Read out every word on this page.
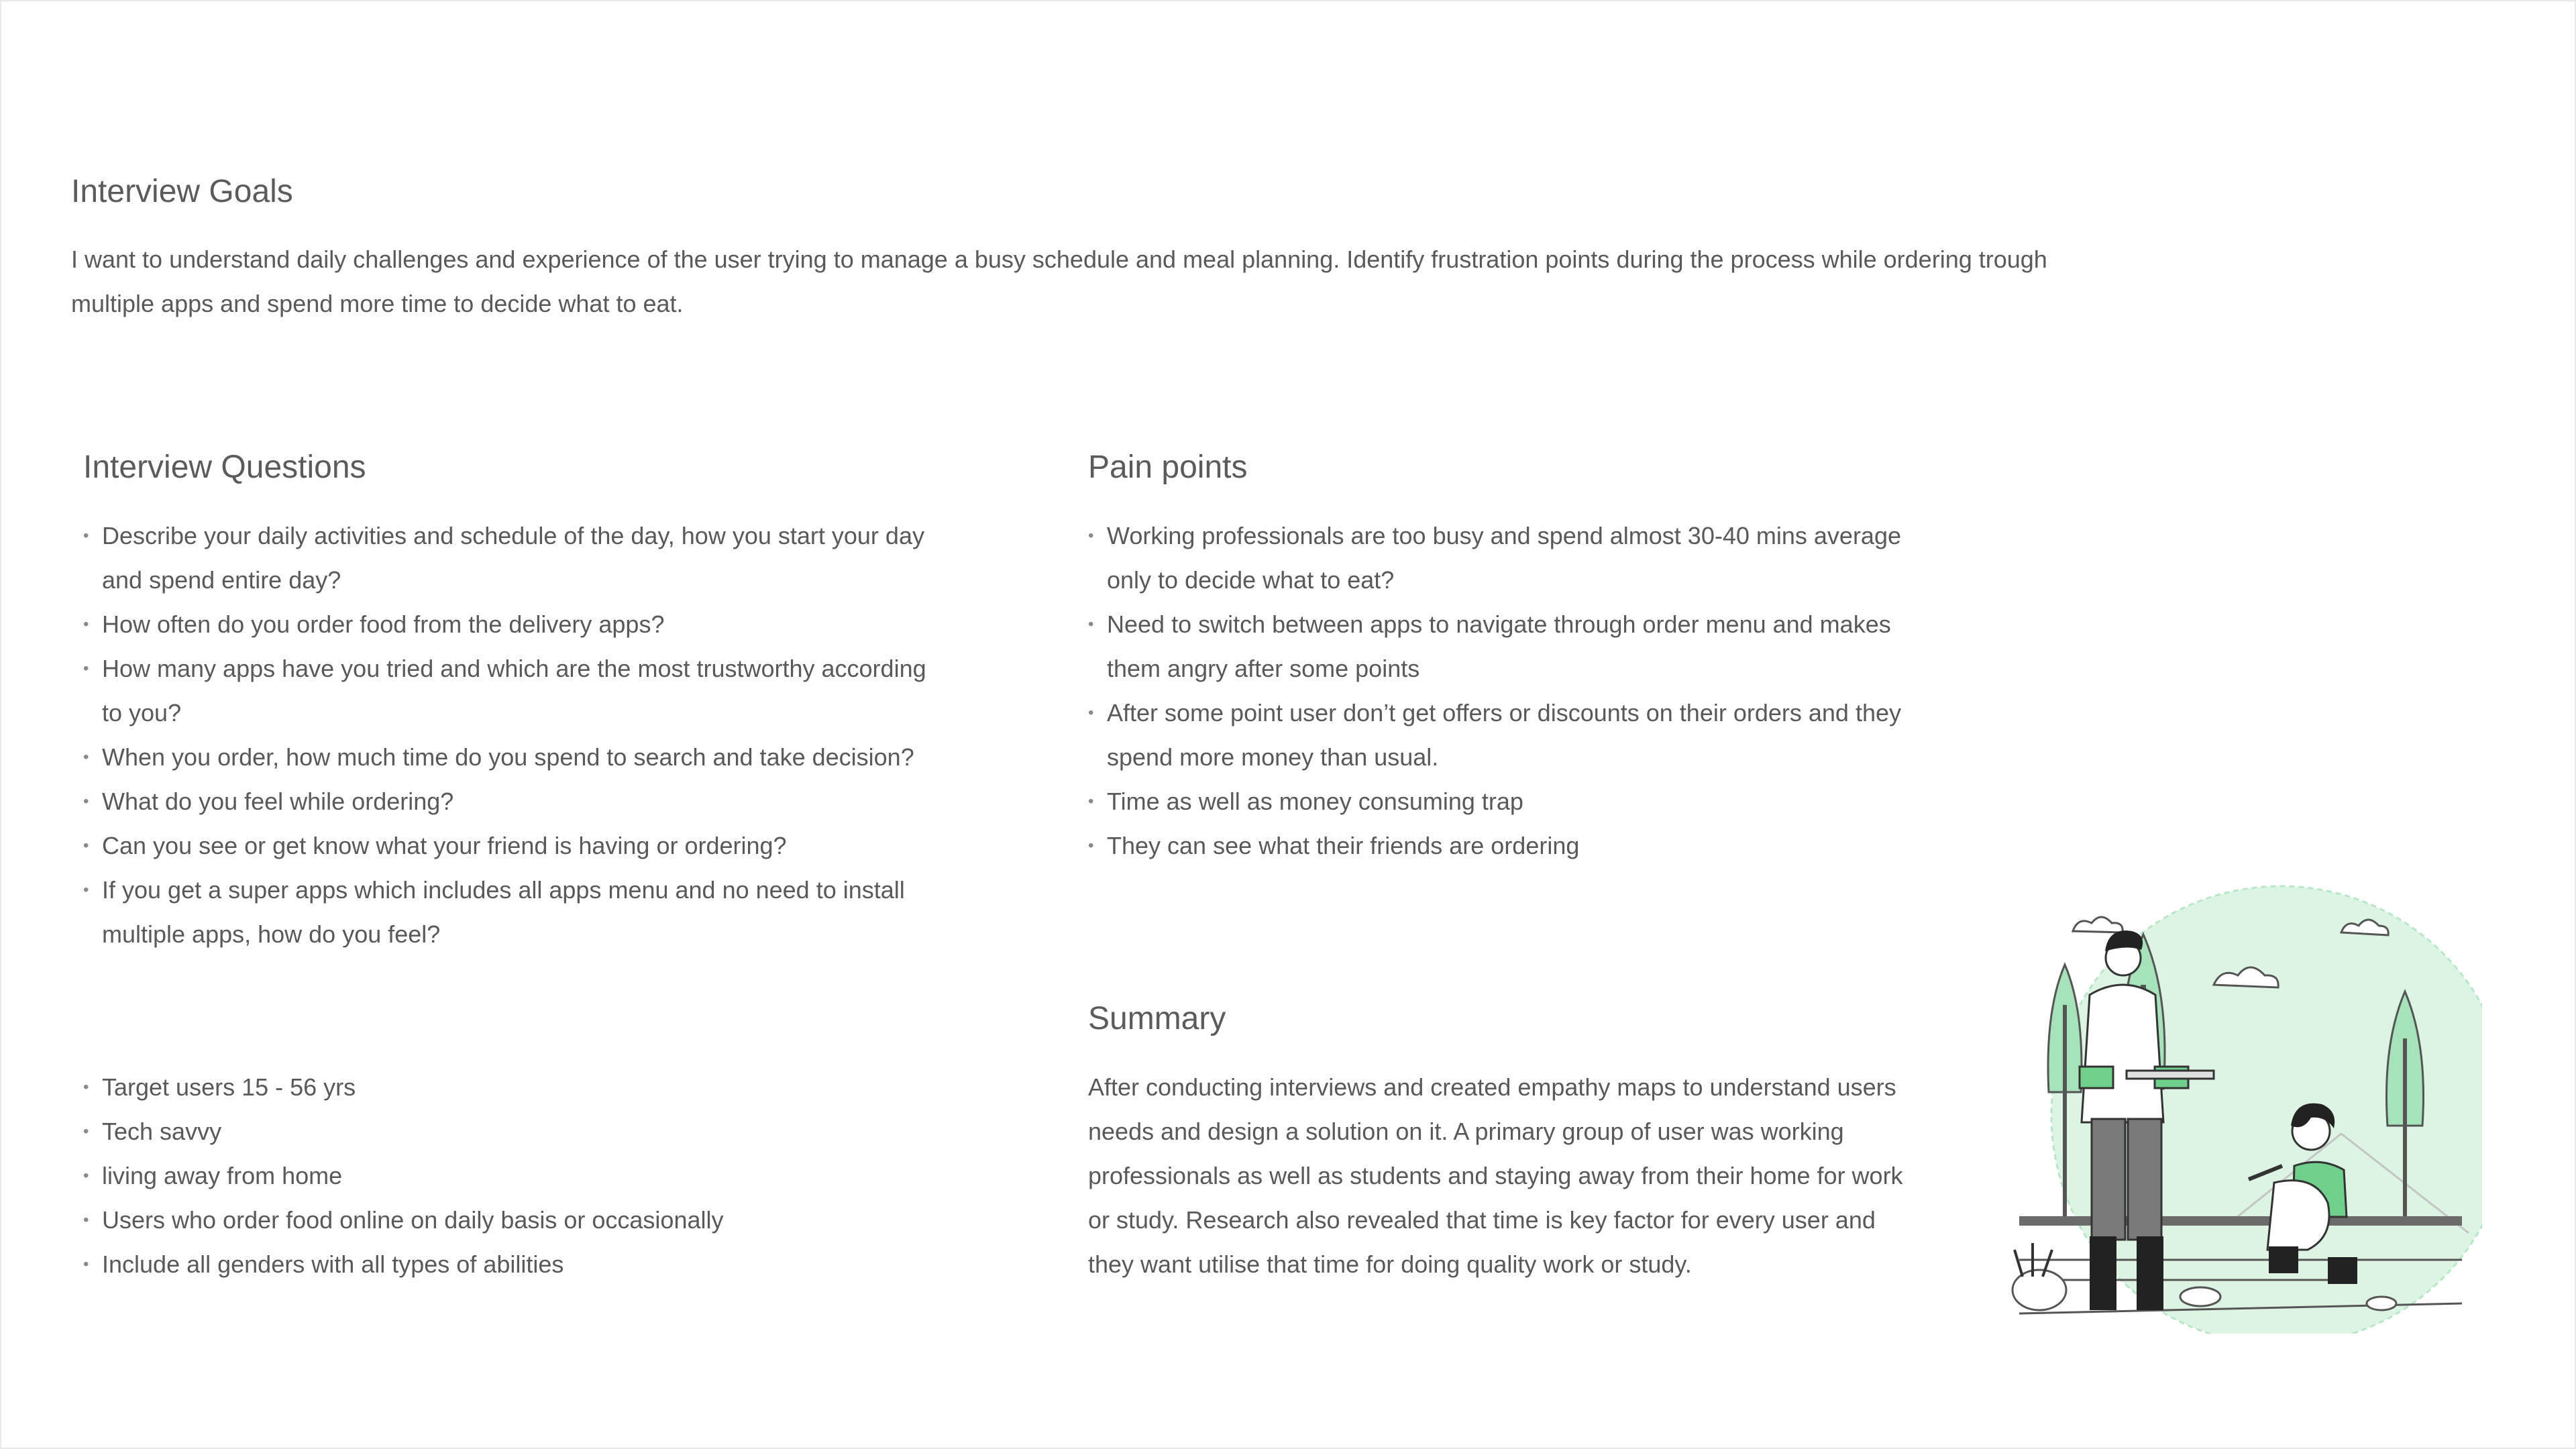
Interview Goals

I want to understand daily challenges and experience of the user trying to manage a busy schedule and meal planning. Identify frustration points during the process while ordering trough multiple apps and spend more time to decide what to eat.

Interview Questions
• Describe your daily activities and schedule of the day, how you start your day and spend entire day?
• How often do you order food from the delivery apps?
• How many apps have you tried and which are the most trustworthy according to you?
• When you order, how much time do you spend to search and take decision?
• What do you feel while ordering?
• Can you see or get know what your friend is having or ordering?
• If you get a super apps which includes all apps menu and no need to install multiple apps, how do you feel?
Pain points
• Working professionals are too busy and spend almost 30-40 mins average only to decide what to eat?
• Need to switch between apps to navigate through order menu and makes them angry after some points
• After some point user don’t get offers or discounts on their orders and they spend more money than usual.
• Time as well as money consuming trap
• They can see what their friends are ordering
• Target users 15 - 56 yrs
• Tech savvy
• living away from home
• Users who order food online on daily basis or occasionally
• Include all genders with all types of abilities
Summary

After conducting interviews and created empathy maps to understand users needs and design a solution on it. A primary group of user was working professionals as well as students and staying away from their home for work or study. Research also revealed that time is key factor for every user and they want utilise that time for doing quality work or study.
